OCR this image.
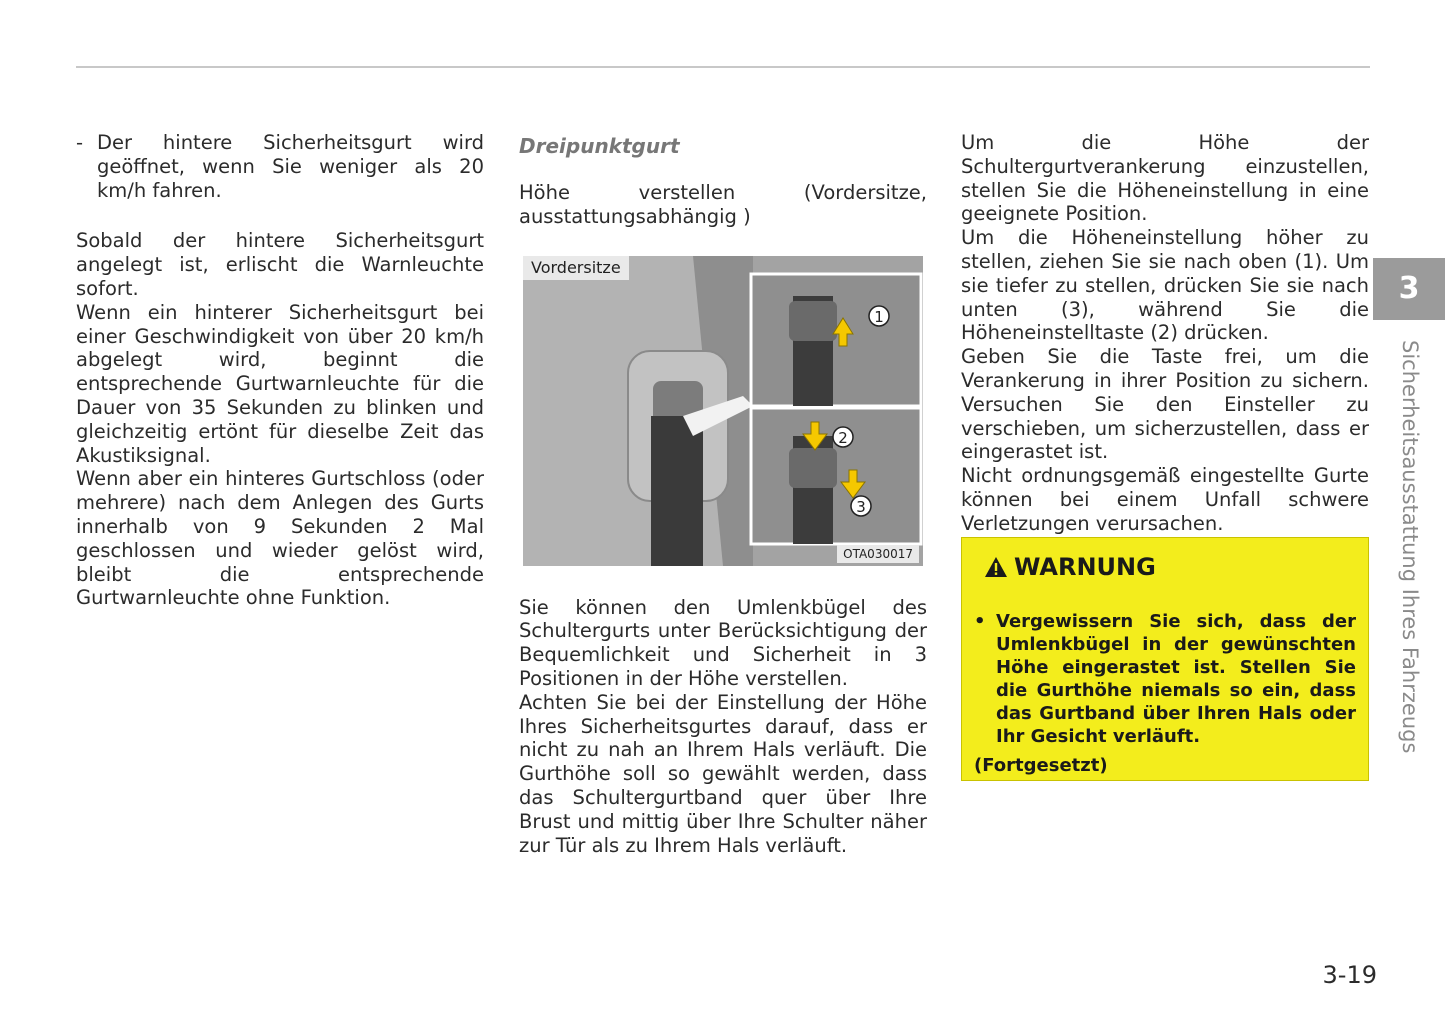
- Der hintere Sicherheitsgurt wird geöffnet, wenn Sie weniger als 20 km/h fahren.

Sobald der hintere Sicherheitsgurt angelegt ist, erlischt die Warnleuchte sofort.

Wenn ein hinterer Sicherheitsgurt bei einer Geschwindigkeit von über 20 km/h abgelegt wird, beginnt die entsprechende Gurtwarnleuchte für die Dauer von 35 Sekunden zu blinken und gleichzeitig ertönt für dieselbe Zeit das Akustiksignal.

Wenn aber ein hinteres Gurtschloss (oder mehrere) nach dem Anlegen des Gurts innerhalb von 9 Sekunden 2 Mal geschlossen und wieder gelöst wird, bleibt die entsprechende Gurtwarnleuchte ohne Funktion.

Dreipunktgurt

Höhe verstellen (Vordersitze, ausstattungsabhängig )

1
2
3
Vordersitze
OTA030017

Sie können den Umlenkbügel des Schultergurts unter Berücksichtigung der Bequemlichkeit und Sicherheit in 3 Positionen in der Höhe verstellen.

Achten Sie bei der Einstellung der Höhe Ihres Sicherheitsgurtes darauf, dass er nicht zu nah an Ihrem Hals verläuft. Die Gurthöhe soll so gewählt werden, dass das Schultergurtband quer über Ihre Brust und mittig über Ihre Schulter näher zur Tür als zu Ihrem Hals verläuft.

Um die Höhe der Schultergurtverankerung einzustellen, stellen Sie die Höheneinstellung in eine geeignete Position.

Um die Höheneinstellung höher zu stellen, ziehen Sie sie nach oben (1). Um sie tiefer zu stellen, drücken Sie sie nach unten (3), während Sie die Höheneinstelltaste (2) drücken.

Geben Sie die Taste frei, um die Verankerung in ihrer Position zu sichern. Versuchen Sie den Einsteller zu verschieben, um sicherzustellen, dass er eingerastet ist.

Nicht ordnungsgemäß eingestellte Gurte können bei einem Unfall schwere Verletzungen verursachen.

WARNUNG
• Vergewissern Sie sich, dass der Umlenkbügel in der gewünschten Höhe eingerastet ist. Stellen Sie die Gurthöhe niemals so ein, dass das Gurtband über Ihren Hals oder Ihr Gesicht verläuft.
(Fortgesetzt)
3
Sicherheitsausstattung Ihres Fahrzeugs
3-19
